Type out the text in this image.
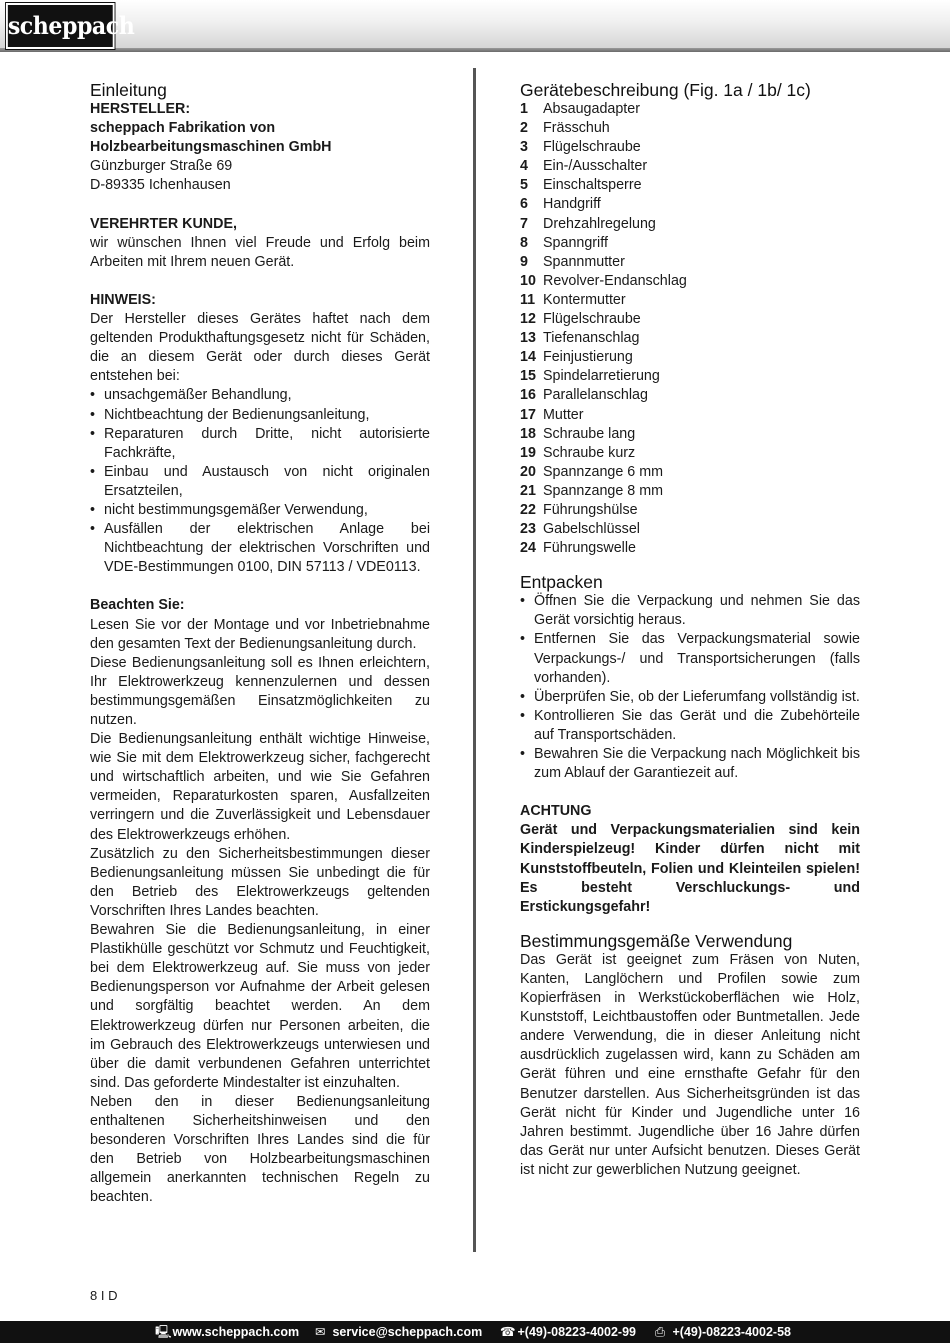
scheppach
Einleitung

HERSTELLER:

scheppach Fabrikation von

Holzbearbeitungsmaschinen GmbH

Günzburger Straße 69

D-89335 Ichenhausen

VEREHRTER KUNDE,

wir wünschen Ihnen viel Freude und Erfolg beim Arbeiten mit Ihrem neuen Gerät.

HINWEIS:

Der Hersteller dieses Gerätes haftet nach dem geltenden Produkthaftungsgesetz nicht für Schäden, die an diesem Gerät oder durch dieses Gerät entstehen bei:

• unsachgemäßer Behandlung,
• Nichtbeachtung der Bedienungsanleitung,
• Reparaturen durch Dritte, nicht autorisierte Fachkräfte,
• Einbau und Austausch von nicht originalen Ersatzteilen,
• nicht bestimmungsgemäßer Verwendung,
• Ausfällen der elektrischen Anlage bei Nichtbeachtung der elektrischen Vorschriften und VDE-Bestimmungen 0100, DIN 57113 / VDE0113.

Beachten Sie:

Lesen Sie vor der Montage und vor Inbetriebnahme den gesamten Text der Bedienungsanleitung durch.

Diese Bedienungsanleitung soll es Ihnen erleichtern, Ihr Elektrowerkzeug kennenzulernen und dessen bestimmungsgemäßen Einsatzmöglichkeiten zu nutzen.

Die Bedienungsanleitung enthält wichtige Hinweise, wie Sie mit dem Elektrowerkzeug sicher, fachgerecht und wirtschaftlich arbeiten, und wie Sie Gefahren vermeiden, Reparaturkosten sparen, Ausfallzeiten verringern und die Zuverlässigkeit und Lebensdauer des Elektrowerkzeugs erhöhen.

Zusätzlich zu den Sicherheitsbestimmungen dieser Bedienungsanleitung müssen Sie unbedingt die für den Betrieb des Elektrowerkzeugs geltenden Vorschriften Ihres Landes beachten.

Bewahren Sie die Bedienungsanleitung, in einer Plastikhülle geschützt vor Schmutz und Feuchtigkeit, bei dem Elektrowerkzeug auf. Sie muss von jeder Bedienungsperson vor Aufnahme der Arbeit gelesen und sorgfältig beachtet werden. An dem Elektrowerkzeug dürfen nur Personen arbeiten, die im Gebrauch des Elektrowerkzeugs unterwiesen und über die damit verbundenen Gefahren unterrichtet sind. Das geforderte Mindestalter ist einzuhalten.

Neben den in dieser Bedienungsanleitung enthaltenen Sicherheitshinweisen und den besonderen Vorschriften Ihres Landes sind die für den Betrieb von Holzbearbeitungsmaschinen allgemein anerkannten technischen Regeln zu beachten.

Gerätebeschreibung (Fig. 1a / 1b/ 1c)
1	Absaugadapter
2	Frässchuh
3	Flügelschraube
4	Ein-/Ausschalter
5	Einschaltsperre
6	Handgriff
7	Drehzahlregelung
8	Spanngriff
9	Spannmutter
10 Revolver-Endanschlag
11 Kontermutter
12 Flügelschraube
13 Tiefenanschlag
14 Feinjustierung
15 Spindelarretierung
16 Parallelanschlag
17 Mutter
18 Schraube lang
19 Schraube kurz
20 Spannzange 6 mm
21 Spannzange 8 mm
22 Führungshülse
23 Gabelschlüssel
24 Führungswelle
Entpacken
• Öffnen Sie die Verpackung und nehmen Sie das Gerät vorsichtig heraus.
• Entfernen Sie das Verpackungsmaterial sowie Verpackungs-/ und Transportsicherungen (falls vorhanden).
• Überprüfen Sie, ob der Lieferumfang vollständig ist.
• Kontrollieren Sie das Gerät und die Zubehörteile auf Transportschäden.
• Bewahren Sie die Verpackung nach Möglichkeit bis zum Ablauf der Garantiezeit auf.

ACHTUNG

Gerät und Verpackungsmaterialien sind kein Kinderspielzeug! Kinder dürfen nicht mit Kunststoffbeuteln, Folien und Kleinteilen spielen! Es besteht Verschluckungs- und Erstickungsgefahr!

Bestimmungsgemäße Verwendung

Das Gerät ist geeignet zum Fräsen von Nuten, Kanten, Langlöchern und Profilen sowie zum Kopierfräsen in Werkstückoberflächen wie Holz, Kunststoff, Leichtbaustoffen oder Buntmetallen. Jede andere Verwendung, die in dieser Anleitung nicht ausdrücklich zugelassen wird, kann zu Schäden am Gerät führen und eine ernsthafte Gefahr für den Benutzer darstellen. Aus Sicherheitsgründen ist das Gerät nicht für Kinder und Jugendliche unter 16 Jahren bestimmt. Jugendliche über 16 Jahre dürfen das Gerät nur unter Aufsicht benutzen. Dieses Gerät ist nicht zur gewerblichen Nutzung geeignet.

8 I D
🖳 www.scheppach.com ✉ service@scheppach.com ☎ +(49)-08223-4002-99 ⎙ +(49)-08223-4002-58
